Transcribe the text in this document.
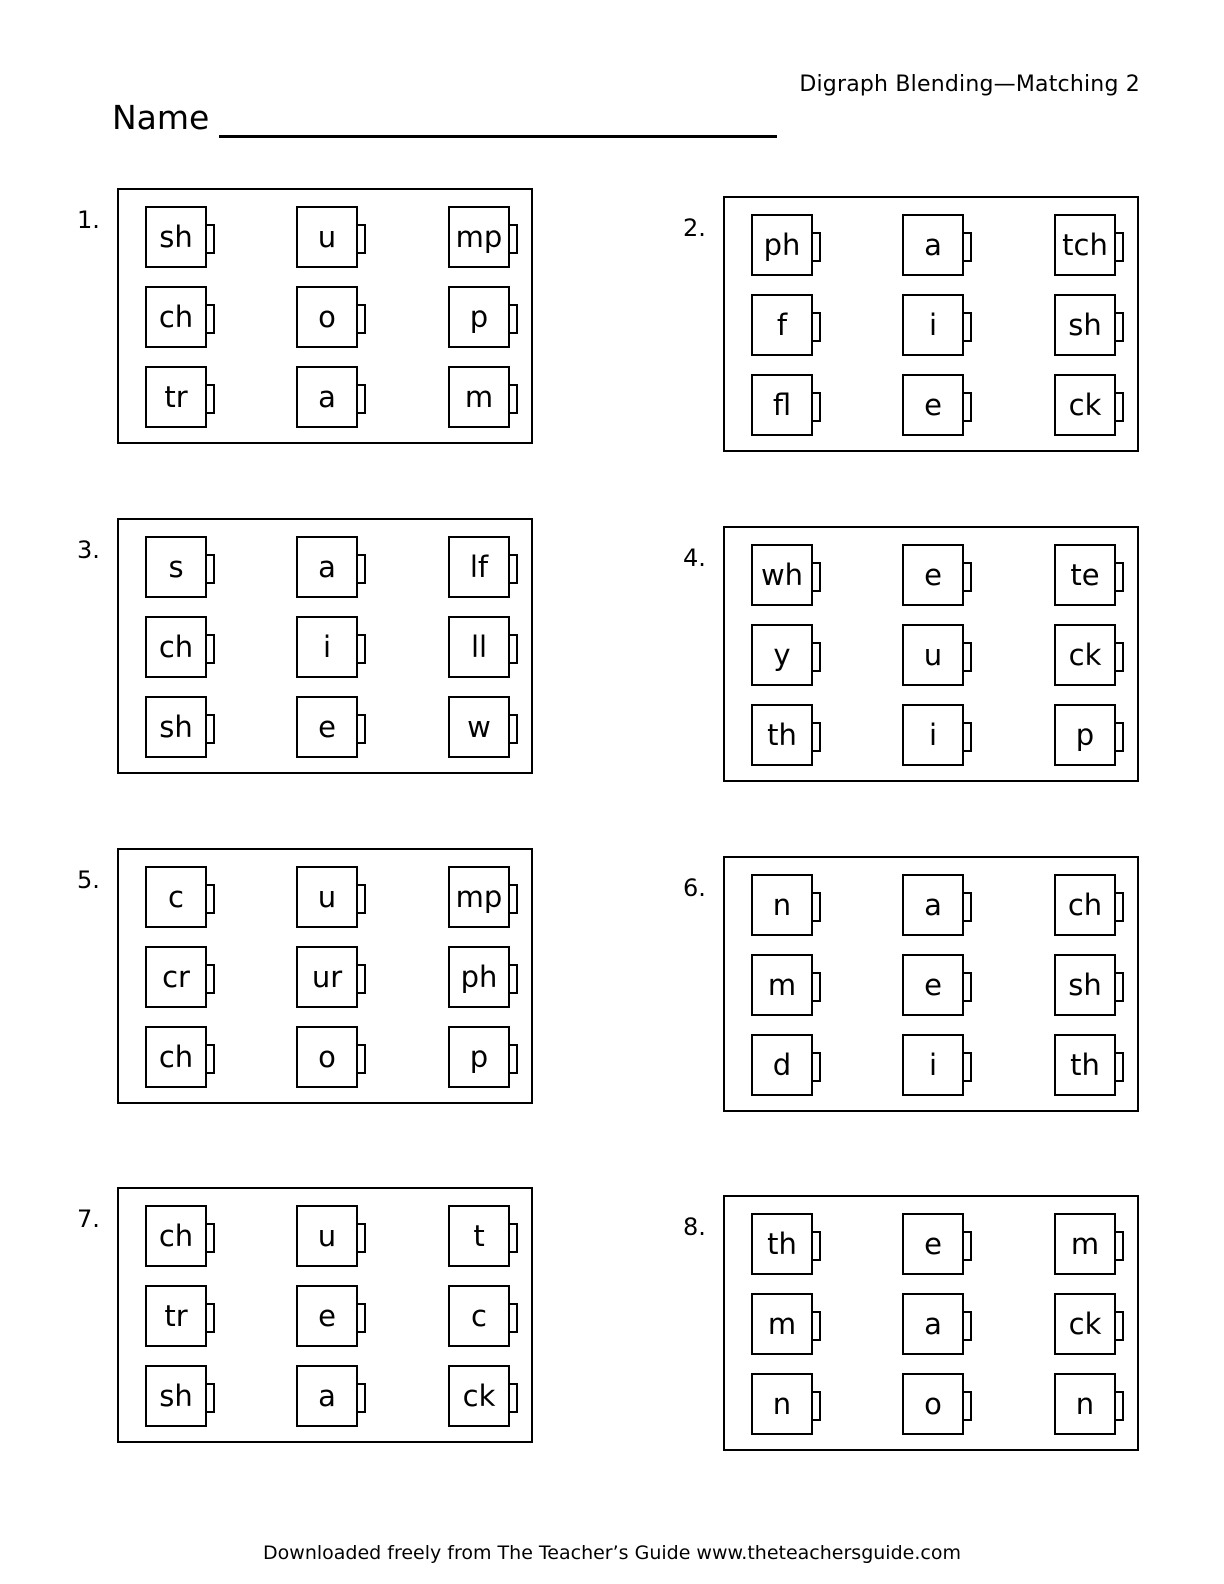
Digraph Blending—Matching 2
Name
1.	sh	u	mp
ch	o	p
tr	a	m
2.	ph	a	tch
f	i	sh
fl	e	ck
3.	s	a	lf
ch	i	ll
sh	e	w
4.	wh	e	te
y	u	ck
th	i	p
5.	c	u	mp
cr	ur	ph
ch	o	p
6.	n	a	ch
m	e	sh
d	i	th
7.	ch	u	t
tr	e	c
sh	a	ck
8.	th	e	m
m	a	ck
n	o	n
Downloaded freely from The Teacher’s Guide www.theteachersguide.com
